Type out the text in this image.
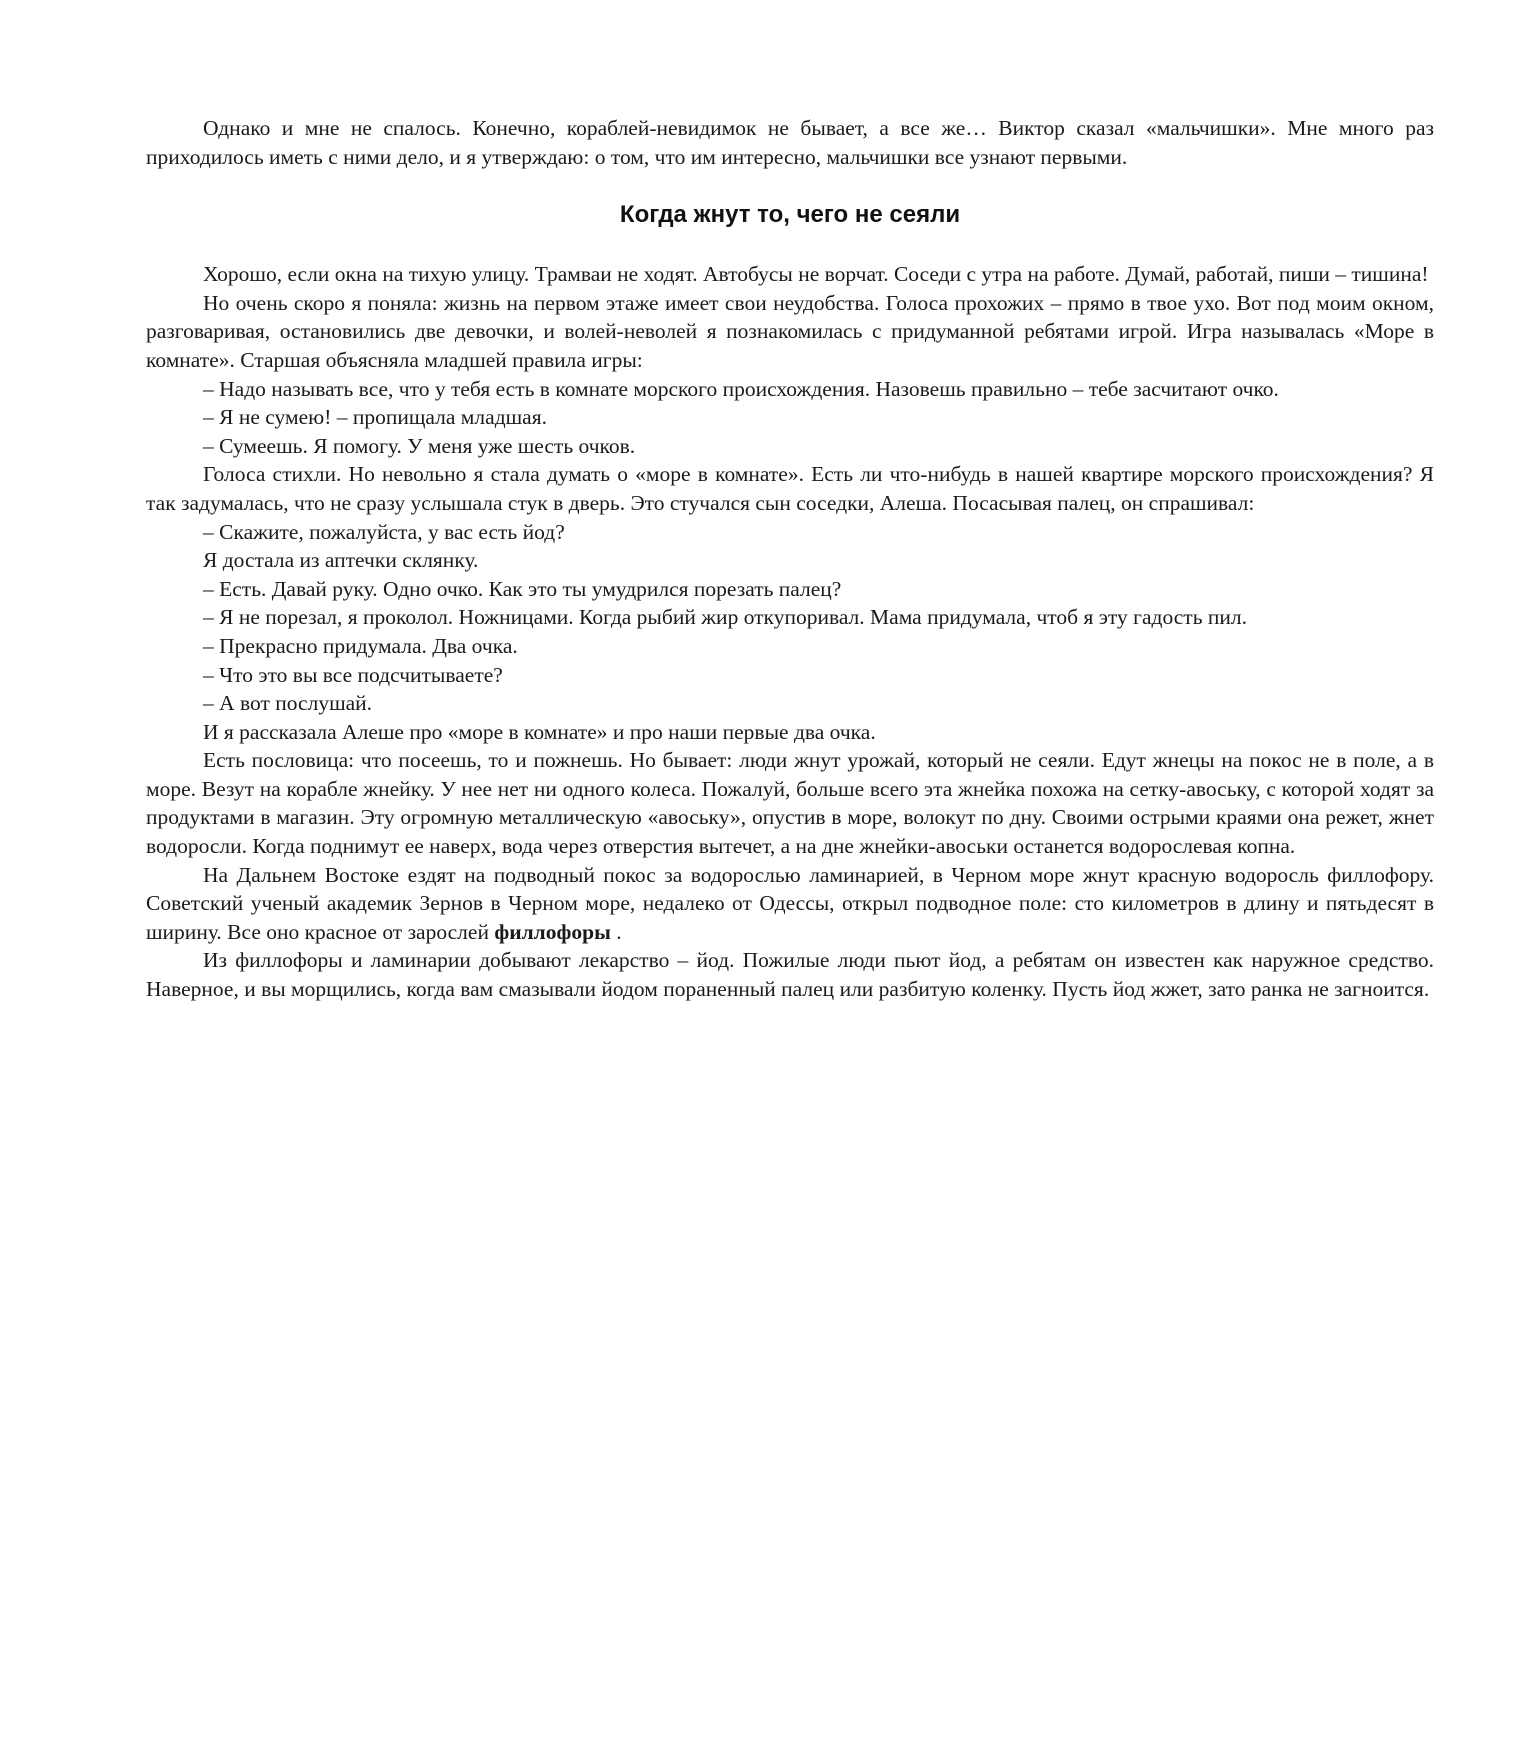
Однако и мне не спалось. Конечно, кораблей-невидимок не бывает, а все же… Виктор сказал «мальчишки». Мне много раз приходилось иметь с ними дело, и я утверждаю: о том, что им интересно, мальчишки все узнают первыми.

Когда жнут то, чего не сеяли

Хорошо, если окна на тихую улицу. Трамваи не ходят. Автобусы не ворчат. Соседи с утра на работе. Думай, работай, пиши – тишина!

Но очень скоро я поняла: жизнь на первом этаже имеет свои неудобства. Голоса прохожих – прямо в твое ухо. Вот под моим окном, разговаривая, остановились две девочки, и волей-неволей я познакомилась с придуманной ребятами игрой. Игра называлась «Море в комнате». Старшая объясняла младшей правила игры:

– Надо называть все, что у тебя есть в комнате морского происхождения. Назовешь правильно – тебе засчитают очко.

– Я не сумею! – пропищала младшая.

– Сумеешь. Я помогу. У меня уже шесть очков.

Голоса стихли. Но невольно я стала думать о «море в комнате». Есть ли что-нибудь в нашей квартире морского происхождения? Я так задумалась, что не сразу услышала стук в дверь. Это стучался сын соседки, Алеша. Посасывая палец, он спрашивал:

– Скажите, пожалуйста, у вас есть йод?

Я достала из аптечки склянку.

– Есть. Давай руку. Одно очко. Как это ты умудрился порезать палец?

– Я не порезал, я проколол. Ножницами. Когда рыбий жир откупоривал. Мама придумала, чтоб я эту гадость пил.

– Прекрасно придумала. Два очка.

– Что это вы все подсчитываете?

– А вот послушай.

И я рассказала Алеше про «море в комнате» и про наши первые два очка.

Есть пословица: что посеешь, то и пожнешь. Но бывает: люди жнут урожай, который не сеяли. Едут жнецы на покос не в поле, а в море. Везут на корабле жнейку. У нее нет ни одного колеса. Пожалуй, больше всего эта жнейка похожа на сетку-авоську, с которой ходят за продуктами в магазин. Эту огромную металлическую «авоську», опустив в море, волокут по дну. Своими острыми краями она режет, жнет водоросли. Когда поднимут ее наверх, вода через отверстия вытечет, а на дне жнейки-авоськи останется водорослевая копна.

На Дальнем Востоке ездят на подводный покос за водорослью ламинарией, в Черном море жнут красную водоросль филлофору. Советский ученый академик Зернов в Черном море, недалеко от Одессы, открыл подводное поле: сто километров в длину и пятьдесят в ширину. Все оно красное от зарослей филлофоры .

Из филлофоры и ламинарии добывают лекарство – йод. Пожилые люди пьют йод, а ребятам он известен как наружное средство. Наверное, и вы морщились, когда вам смазывали йодом пораненный палец или разбитую коленку. Пусть йод жжет, зато ранка не загноится.
